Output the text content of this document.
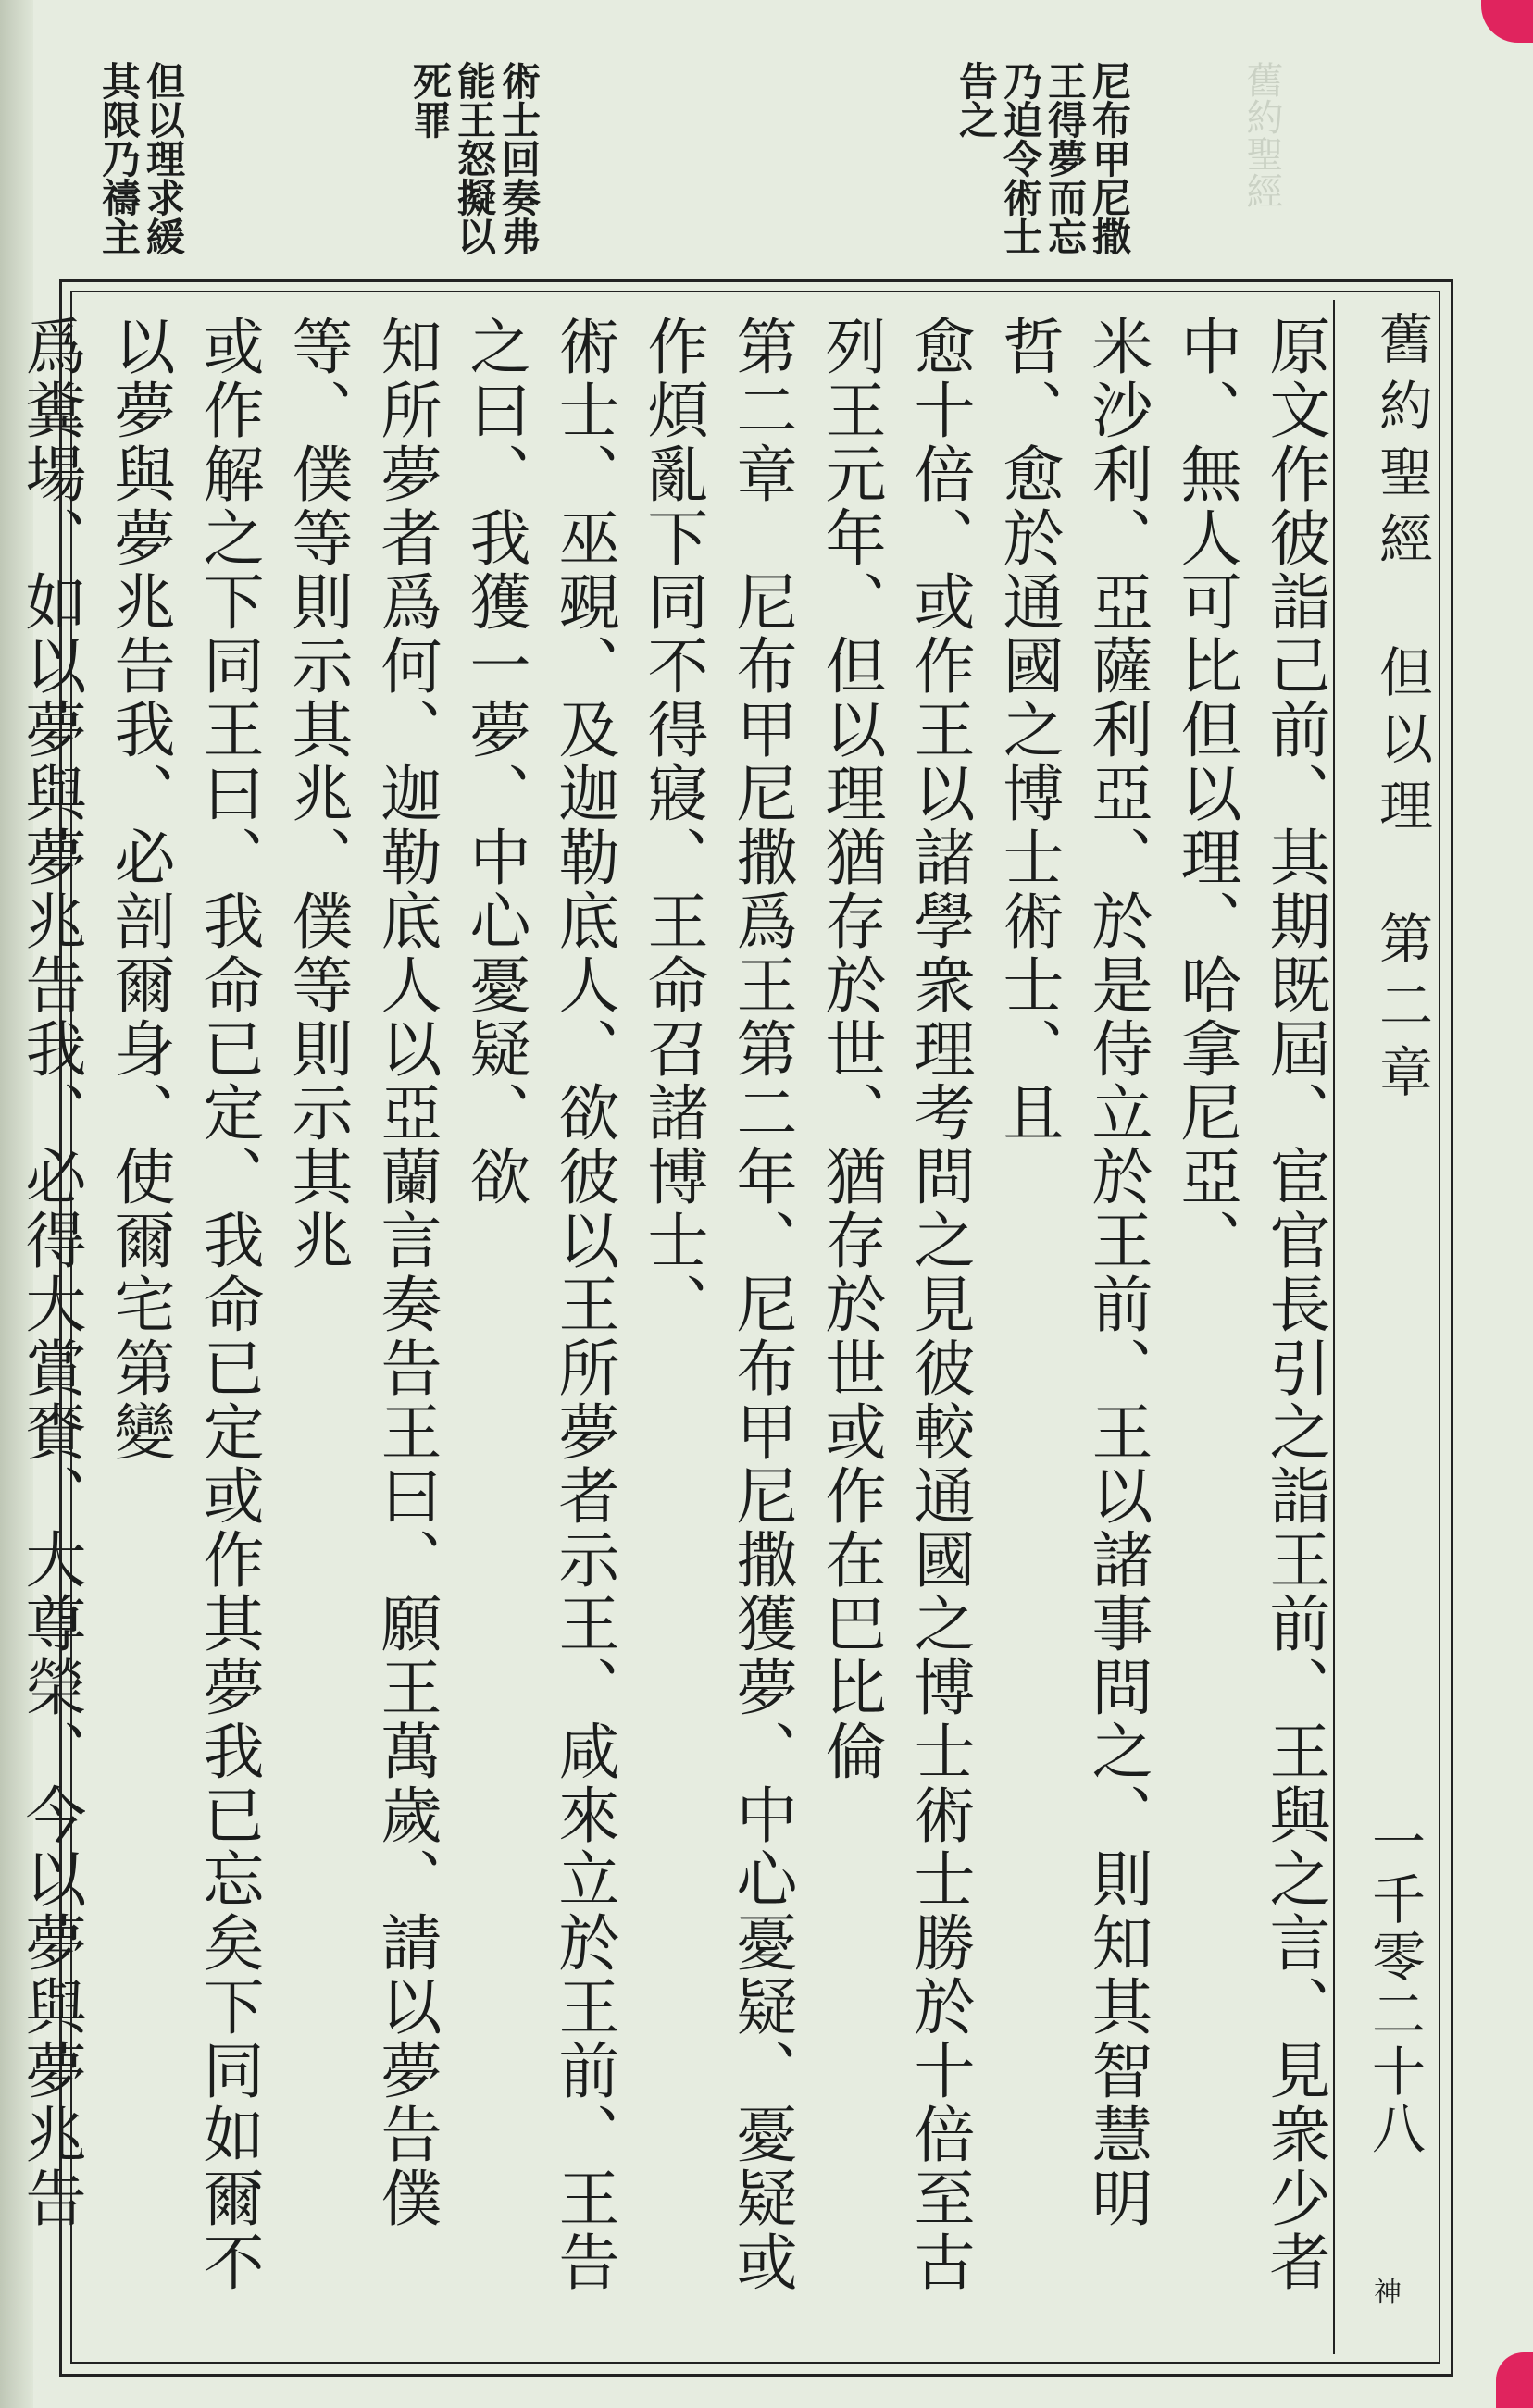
舊約聖經
尼布甲尼撒王得夢而忘乃迫令術士告之
術士回奏弗能王怒擬以死罪
但以理求緩其限乃禱主
舊約聖經　但以理　第二章
一千零二十八
神

原文作彼詣己前、其期既屆、宦官長引之詣王前、王與之言、見衆少者中、無人可比但以理、哈拿尼亞、

米沙利、亞薩利亞、於是侍立於王前、王以諸事問之、則知其智慧明哲、愈於通國之博士術士、且

愈十倍、或作王以諸學衆理考問之見彼較通國之博士術士勝於十倍至古列王元年、但以理猶存於世、猶存於世或作在巴比倫

第二章　尼布甲尼撒爲王第二年、尼布甲尼撒獲夢、中心憂疑、憂疑或作煩亂下同不得寢、王命召諸博士、

術士、巫覡、及迦勒底人、欲彼以王所夢者示王、咸來立於王前、王告之曰、我獲一夢、中心憂疑、欲

知所夢者爲何、迦勒底人以亞蘭言奏告王曰、願王萬歲、請以夢告僕等、僕等則示其兆、僕等則示其兆

或作解之下同王曰、我命已定、我命已定或作其夢我已忘矣下同如爾不以夢與夢兆告我、必剖爾身、使爾宅第變

爲糞場、如以夢與夢兆告我、必得大賞賚、大尊榮、今以夢與夢兆告
